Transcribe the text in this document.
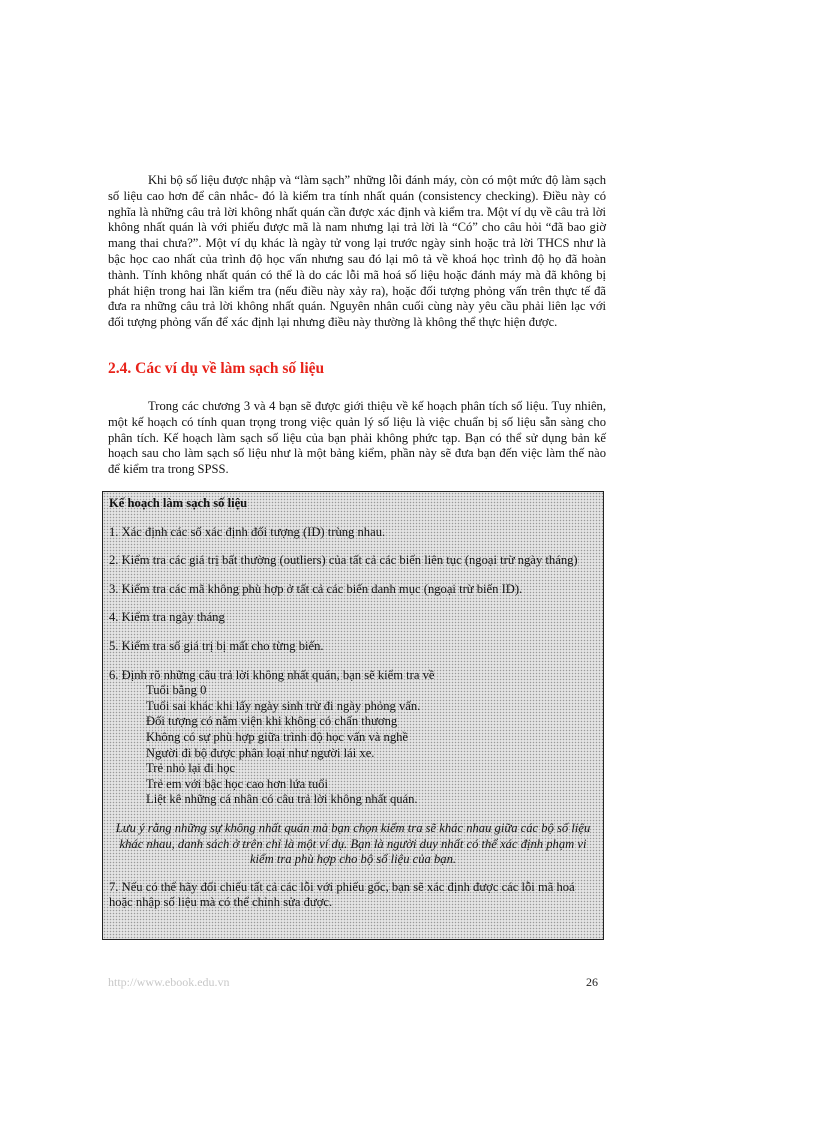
Khi bộ số liệu được nhập và “làm sạch” những lỗi đánh máy, còn có một mức độ làm sạch số liệu cao hơn để cân nhắc- đó là kiểm tra tính nhất quán (consistency checking). Điều này có nghĩa là những câu trả lời không nhất quán cần được xác định và kiểm tra. Một ví dụ về câu trả lời không nhất quán là với phiếu được mã là nam nhưng lại trả lời là “Có” cho câu hỏi “đã bao giờ mang thai chưa?”. Một ví dụ khác là ngày tử vong lại trước ngày sinh hoặc trả lời THCS như là bậc học cao nhất của trình độ học vấn nhưng sau đó lại mô tả về khoá học trình độ họ đã hoàn thành. Tính không nhất quán có thể là do các lỗi mã hoá số liệu hoặc đánh máy mà đã không bị phát hiện trong hai lần kiểm tra (nếu điều này xảy ra), hoặc đối tượng phỏng vấn trên thực tế đã đưa ra những câu trả lời không nhất quán. Nguyên nhân cuối cùng này yêu cầu phải liên lạc với đối tượng phỏng vấn để xác định lại nhưng điều này thường là không thể thực hiện được.

2.4. Các ví dụ về làm sạch số liệu

Trong các chương 3 và 4 bạn sẽ được giới thiệu về kế hoạch phân tích số liệu. Tuy nhiên, một kế hoạch có tính quan trọng trong việc quản lý số liệu là việc chuẩn bị số liệu sẵn sàng cho phân tích. Kế hoạch làm sạch số liệu của bạn phải không phức tạp. Bạn có thể sử dụng bản kế hoạch sau cho làm sạch số liệu như là một bảng kiểm, phần này sẽ đưa bạn đến việc làm thế nào để kiểm tra trong SPSS.

Kế hoạch làm sạch số liệu

1. Xác định các số xác định đối tượng (ID) trùng nhau.

2. Kiểm tra các giá trị bất thường (outliers) của tất cả các biến liên tục (ngoại trừ ngày tháng)

3. Kiểm tra các mã không phù hợp ở tất cả các biến danh mục (ngoại trừ biến ID).

4. Kiểm tra ngày tháng

5. Kiểm tra số giá trị bị mất cho từng biến.

6. Định rõ những câu trả lời không nhất quán, bạn sẽ kiểm tra về

Tuổi bằng 0
Tuổi sai khác khi lấy ngày sinh trừ đi ngày phỏng vấn.
Đối tượng có nằm viện khi không có chấn thương
Không có sự phù hợp giữa trình độ học vấn và nghề
Người đi bộ được phân loại như người lái xe.
Trẻ nhỏ lại đi học
Trẻ em với bậc học cao hơn lứa tuổi
Liệt kê những cá nhân có câu trả lời không nhất quán.

Lưu ý rằng những sự không nhất quán mà bạn chọn kiểm tra sẽ khác nhau giữa các bộ số liệu khác nhau, danh sách ở trên chỉ là một ví dụ. Bạn là người duy nhất có thể xác định phạm vi kiểm tra phù hợp cho bộ số liệu của bạn.

7. Nếu có thể hãy đối chiếu tất cả các lỗi với phiếu gốc, bạn sẽ xác định được các lỗi mã hoá hoặc nhập số liệu mà có thể chỉnh sửa được.

http://www.ebook.edu.vn	26
